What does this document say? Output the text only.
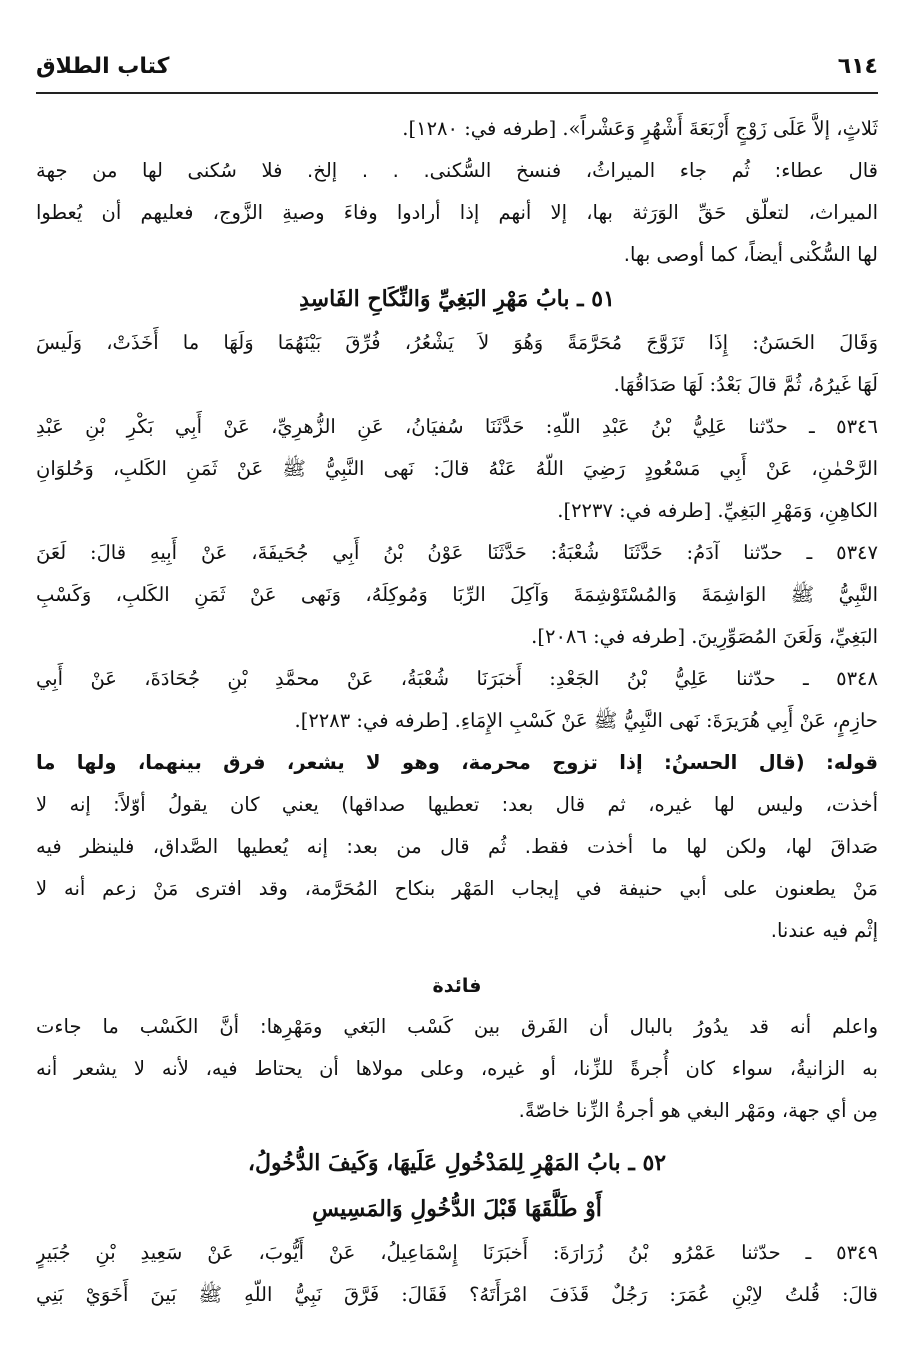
كتاب الطلاق	٦١٤
ثَلاثٍ، إلاَّ عَلَى زَوْجٍ أَرْبَعَةَ أَشْهُرٍ وَعَشْراً». [طرفه في: ١٢٨٠].
قال عطاء: ثُم جاء الميراثُ، فنسخ السُّكنى. . . إلخ. فلا سُكنى لها من جهة
الميراث، لتعلّق حَقِّ الوَرَثة بها، إلا أنهم إذا أرادوا وفاءَ وصيةِ الزَّوج، فعليهم أن يُعطوا
لها السُّكْنى أيضاً، كما أوصى بها.
٥١ ـ بابُ مَهْرِ البَغِيِّ وَالنِّكَاحِ الفَاسِدِ
وَقَالَ الحَسَنُ: إِذَا تَزَوَّجَ مُحَرَّمَةً وَهُوَ لاَ يَشْعُرُ، فُرِّقَ بَيْنَهُمَا وَلَهَا ما أَخَذَتْ، وَلَيسَ
لَهَا غَيرُهُ، ثُمَّ قالَ بَعْدُ: لَهَا صَدَاقُهَا.
٥٣٤٦ ـ حدّثنا عَلِيُّ بْنُ عَبْدِ اللّهِ: حَدَّثَنَا سُفيَانُ، عَنِ الزُّهرِيِّ، عَنْ أَبِي بَكْرِ بْنِ عَبْدِ
الرَّحْمٰنِ، عَنْ أَبِي مَسْعُودٍ رَضِيَ اللّهُ عَنْهُ قالَ: نَهى النَّبِيُّ ﷺ عَنْ ثَمَنِ الكَلبِ، وَحُلوَانِ
الكاهِنِ، وَمَهْرِ البَغِيِّ. [طرفه في: ٢٢٣٧].
٥٣٤٧ ـ حدّثنا آدَمُ: حَدَّثَنَا شُعْبَةُ: حَدَّثَنَا عَوْنُ بْنُ أَبِي جُحَيفَةَ، عَنْ أَبِيهِ قالَ: لَعَنَ
النَّبِيُّ ﷺ الوَاشِمَةَ وَالمُسْتَوْشِمَةَ وَآكِلَ الرِّبَا وَمُوكِلَهُ، وَنَهى عَنْ ثَمَنِ الكَلبِ، وَكَسْبِ
البَغِيِّ، وَلَعَنَ المُصَوِّرِينَ. [طرفه في: ٢٠٨٦].
٥٣٤٨ ـ حدّثنا عَلِيُّ بْنُ الجَعْدِ: أَخبَرَنَا شُعْبَةُ، عَنْ محمَّدِ بْنِ جُحَادَةَ، عَنْ أَبِي
حازِمٍ، عَنْ أَبِي هُرَيرَةَ: نَهى النَّبِيُّ ﷺ عَنْ كَسْبِ الإِمَاءِ. [طرفه في: ٢٢٨٣].
قوله: (قال الحسنُ: إذا تزوج محرمة، وهو لا يشعر، فرق بينهما، ولها ما
أخذت، وليس لها غيره، ثم قال بعد: تعطيها صداقها) يعني كان يقولُ أوّلاً: إنه لا
صَداقَ لها، ولكن لها ما أخذت فقط. ثُم قال من بعد: إنه يُعطيها الصَّداق، فلينظر فيه
مَنْ يطعنون على أبي حنيفة في إيجاب المَهْر بنكاح المُحَرَّمة، وقد افترى مَنْ زعم أنه لا
إثْم فيه عندنا.
فائدة
واعلم أنه قد يدُورُ بالبال أن الفَرق بين كَسْب البَغي ومَهْرِها: أنَّ الكَسْب ما جاءت
به الزانيةُ، سواء كان أُجرةً للزِّنا، أو غيره، وعلى مولاها أن يحتاط فيه، لأنه لا يشعر أنه
مِن أي جهة، ومَهْر البغي هو أجرةُ الزِّنا خاصّةً.
٥٢ ـ بابُ المَهْرِ لِلمَدْخُولِ عَلَيهَا، وَكَيفَ الدُّخُولُ،
أَوْ طَلَّقَهَا قَبْلَ الدُّخُولِ وَالمَسِيسِ
٥٣٤٩ ـ حدّثنا عَمْرُو بْنُ زُرَارَةَ: أَخبَرَنَا إِسْمَاعِيلُ، عَنْ أَيُّوبَ، عَنْ سَعِيدِ بْنِ جُبَيرٍ
قالَ: قُلتُ لاِبْنِ عُمَرَ: رَجُلٌ قَذَفَ امْرَأَتَهُ؟ فَقَالَ: فَرَّقَ نَبِيُّ اللّهِ ﷺ بَينَ أَخَوَيْ بَنِي
